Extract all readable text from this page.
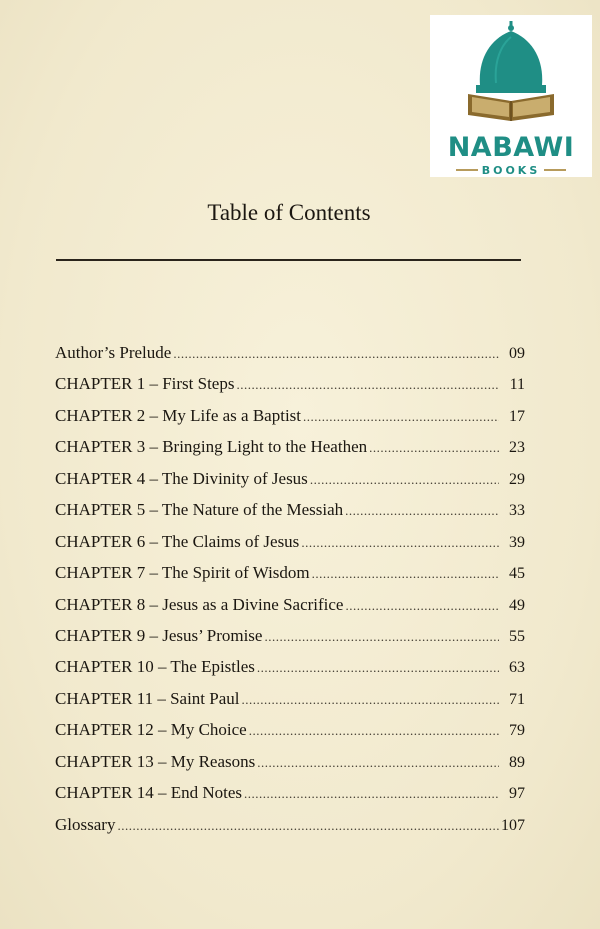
NABAWI
BOOKS
Table of Contents
Author’s Prelude .....	09
CHAPTER 1 – First Steps .....	11
CHAPTER 2 – My Life as a Baptist .....	17
CHAPTER 3 – Bringing Light to the Heathen .....	23
CHAPTER 4 – The Divinity of Jesus .....	29
CHAPTER 5 – The Nature of the Messiah .....	33
CHAPTER 6 – The Claims of Jesus .....	39
CHAPTER 7 – The Spirit of Wisdom .....	45
CHAPTER 8 – Jesus as a Divine Sacrifice .....	49
CHAPTER 9 – Jesus’ Promise .....	55
CHAPTER 10 – The Epistles .....	63
CHAPTER 11 – Saint Paul .....	71
CHAPTER 12 – My Choice .....	79
CHAPTER 13 – My Reasons .....	89
CHAPTER 14 – End Notes .....	97
Glossary .....	107
